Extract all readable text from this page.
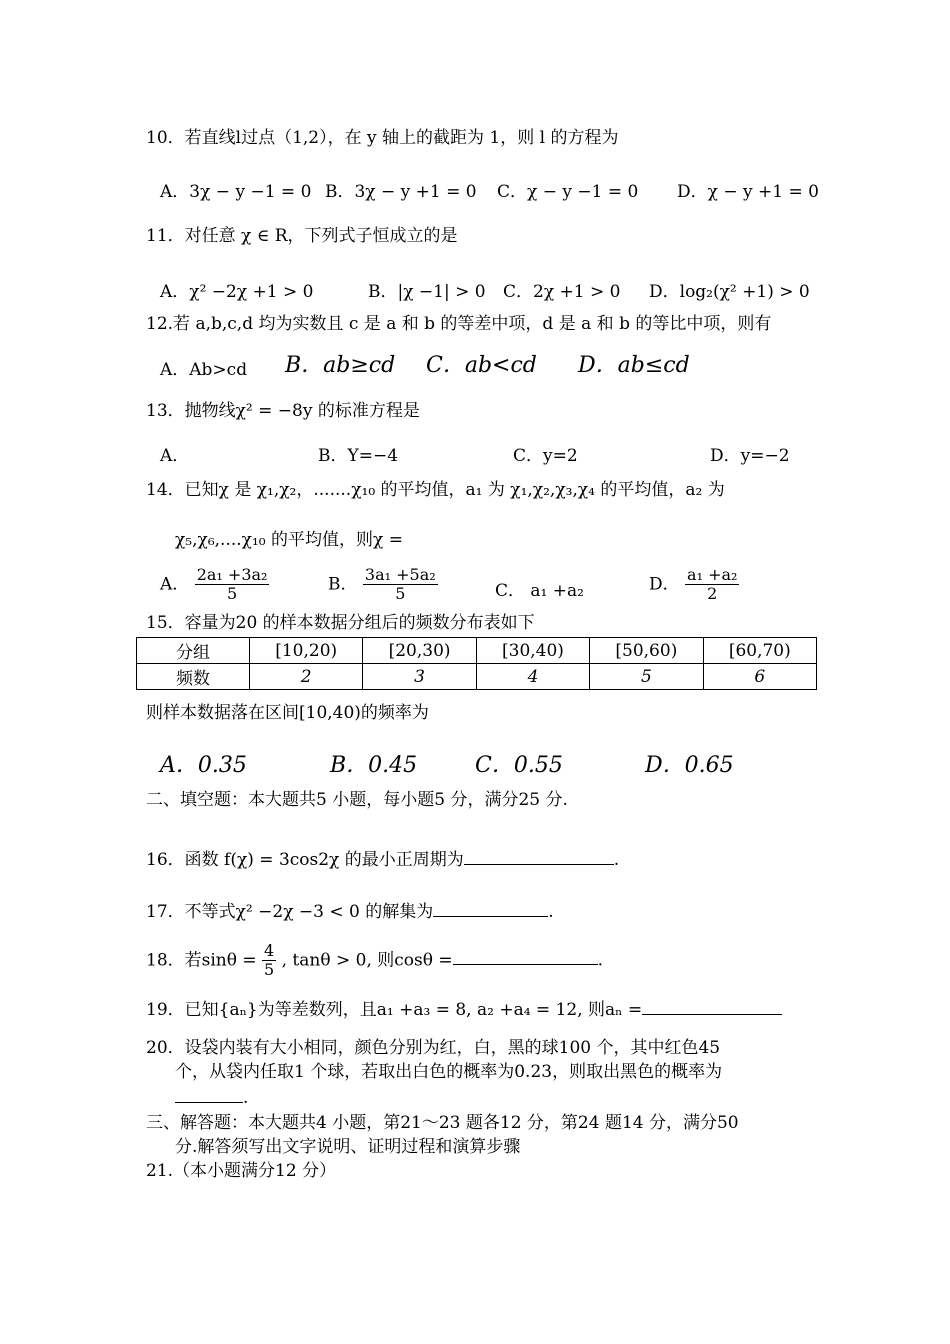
10．若直线l过点（1,2），在 y 轴上的截距为 1，则 l 的方程为
A．3χ − y −1 = 0 B．3χ − y +1 = 0 C．χ − y −1 = 0 D．χ − y +1 = 0
11．对任意 χ ∈ R，下列式子恒成立的是
A．χ² −2χ +1 > 0	B．|χ −1| > 0 C．2χ +1 > 0 D．log₂(χ² +1) > 0
12.若 a,b,c,d 均为实数且 c 是 a 和 b 的等差中项，d 是 a 和 b 的等比中项，则有
A．Ab>cd B．ab≥cd C．ab<cd D．ab≤cd
13．抛物线χ² = −8y 的标准方程是
A．	B．Y=−4	C．y=2	D．y=−2
14．已知χ 是 χ₁,χ₂，.......χ₁₀ 的平均值，a₁ 为 χ₁,χ₂,χ₃,χ₄ 的平均值，a₂ 为
χ₅,χ₆,....χ₁₀ 的平均值，则χ =
A． $\frac{\text{2a₁ +3a₂}}{5}$	B． $\frac{\text{3a₁ +5a₂}}{5}$	C． a₁ +a₂	D． $\frac{\text{a₁ +a₂}}{2}$
15．容量为20 的样本数据分组后的频数分布表如下
分组	[10,20)	[20,30)	[30,40)	[50,60)	[60,70)
频数	2	3	4	5	6
则样本数据落在区间[10,40)的频率为
A．0.35	B．0.45	C．0.55	D．0.65
二、填空题：本大题共5 小题，每小题5 分，满分25 分.
16．函数 f(χ) = 3cos2χ 的最小正周期为	.
17．不等式χ² −2χ −3 < 0 的解集为	.
18．若$\sin\theta = \frac{4}{5}$ , tanθ > 0, 则cosθ =	.
19．已知{aₙ}为等差数列，且a₁ +a₃ = 8, a₂ +a₄ = 12, 则aₙ =
20．设袋内装有大小相同，颜色分别为红，白，黑的球100 个，其中红色45
个，从袋内任取1 个球，若取出白色的概率为0.23，则取出黑色的概率为
.
三、解答题：本大题共4 小题，第21～23 题各12 分，第24 题14 分，满分50
分.解答须写出文字说明、证明过程和演算步骤
21.（本小题满分12 分）
